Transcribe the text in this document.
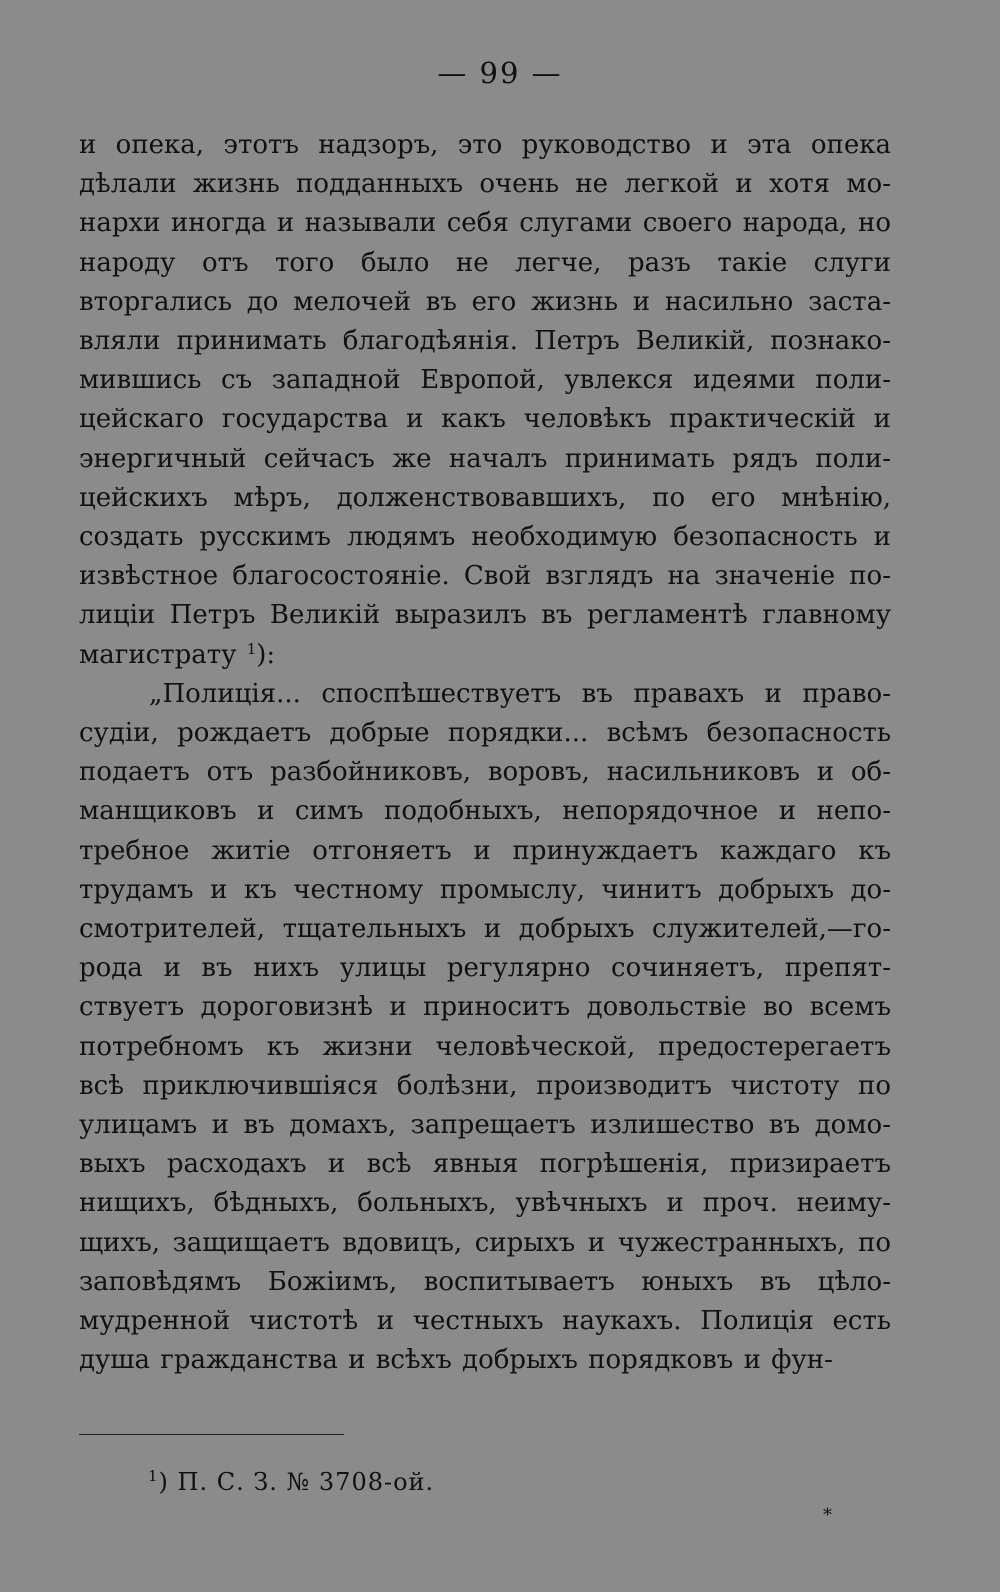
— 99 —

и опека, этотъ надзоръ, это руководство и эта опека дѣлали жизнь подданныхъ очень не легкой и хотя монархи иногда и называли себя слугами своего народа, но народу отъ того было не легче, разъ такіе слуги вторгались до мелочей въ его жизнь и насильно заставляли принимать благодѣянія. Петръ Великій, познакомившись съ западной Европой, увлекся идеями полицейскаго государства и какъ человѣкъ практическій и энергичный сейчасъ же началъ принимать рядъ полицейскихъ мѣръ, долженствовавшихъ, по его мнѣнію, создать русскимъ людямъ необходимую безопасность и извѣстное благосостояніе. Свой взглядъ на значеніе полиціи Петръ Великій выразилъ въ регламентѣ главному магистрату $^1$):

„Полиція... споспѣшествуетъ въ правахъ и правосудіи, рождаетъ добрые порядки... всѣмъ безопасность подаетъ отъ разбойниковъ, воровъ, насильниковъ и обманщиковъ и симъ подобныхъ, непорядочное и непотребное житіе отгоняетъ и принуждаетъ каждаго къ трудамъ и къ честному промыслу, чинитъ добрыхъ досмотрителей, тщательныхъ и добрыхъ служителей,—города и въ нихъ улицы регулярно сочиняетъ, препятствуетъ дороговизнѣ и приноситъ довольствіе во всемъ потребномъ къ жизни человѣческой, предостерегаетъ всѣ приключившіяся болѣзни, производитъ чистоту по улицамъ и въ домахъ, запрещаетъ излишество въ домовыхъ расходахъ и всѣ явныя погрѣшенія, призираетъ нищихъ, бѣдныхъ, больныхъ, увѣчныхъ и проч. неимущихъ, защищаетъ вдовицъ, сирыхъ и чужестранныхъ, по заповѣдямъ Божіимъ, воспитываетъ юныхъ въ цѣломудренной чистотѣ и честныхъ наукахъ. Полиція есть душа гражданства и всѣхъ добрыхъ порядковъ и фун-

$^1$) П. С. З. № 3708-ой.
*
